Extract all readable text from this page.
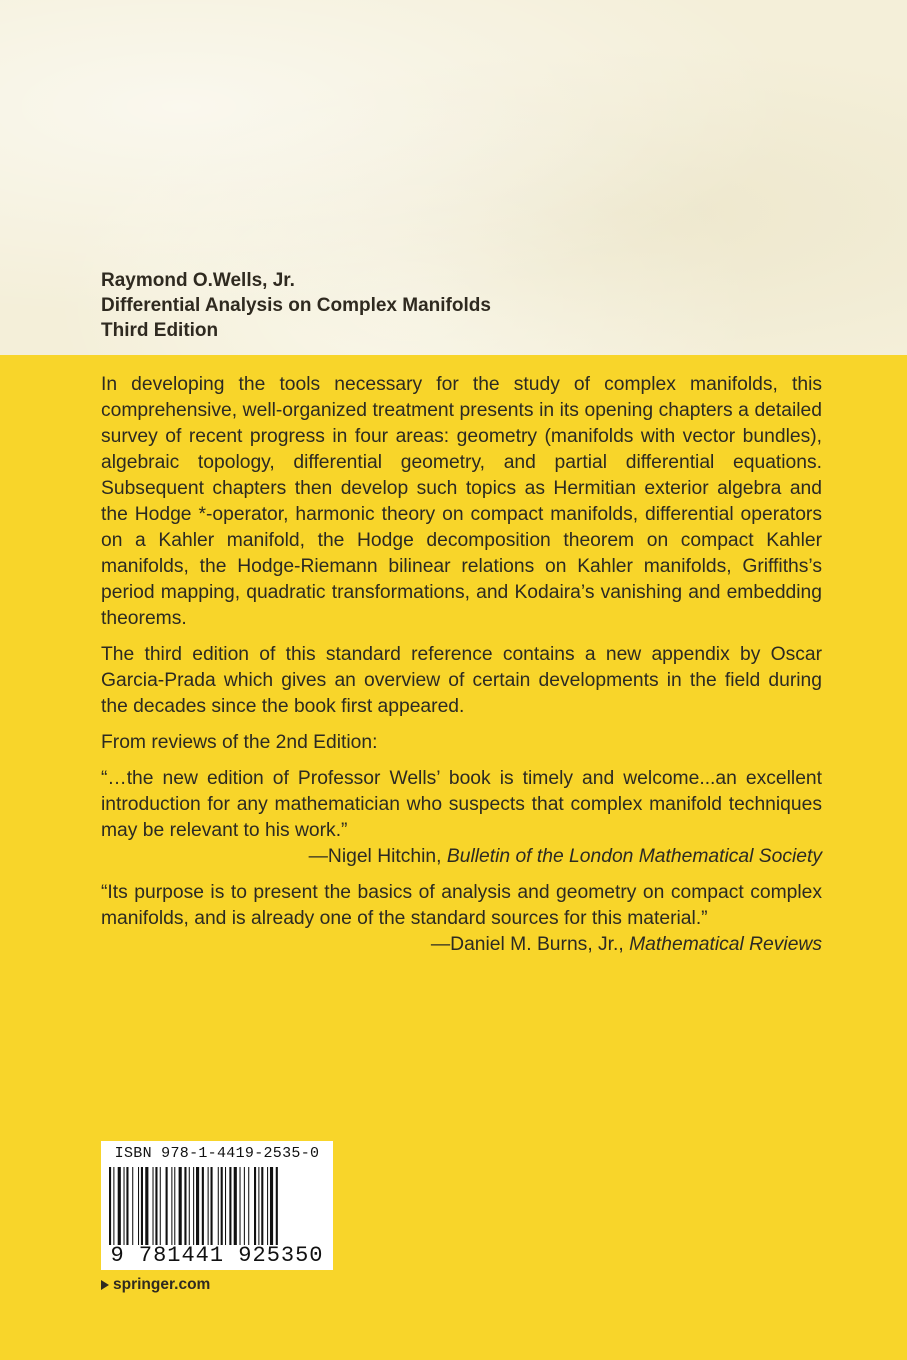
Raymond O.Wells, Jr.
Differential Analysis on Complex Manifolds
Third Edition

In developing the tools necessary for the study of complex manifolds, this comprehensive, well-organized treatment presents in its opening chapters a detailed survey of recent progress in four areas: geometry (manifolds with vector bundles), algebraic topology, differential geometry, and partial differential equations. Subsequent chapters then develop such topics as Hermitian exterior algebra and the Hodge *-operator, harmonic theory on compact manifolds, differential operators on a Kahler manifold, the Hodge decomposition theorem on compact Kahler manifolds, the Hodge-Riemann bilinear relations on Kahler manifolds, Griffiths’s period mapping, quadratic transformations, and Kodaira’s vanishing and embedding theorems.

The third edition of this standard reference contains a new appendix by Oscar Garcia-Prada which gives an overview of certain developments in the field during the decades since the book first appeared.

From reviews of the 2nd Edition:

“…the new edition of Professor Wells’ book is timely and welcome...an excellent introduction for any mathematician who suspects that complex manifold techniques may be relevant to his work.”

—Nigel Hitchin, Bulletin of the London Mathematical Society

“Its purpose is to present the basics of analysis and geometry on compact complex manifolds, and is already one of the standard sources for this material.”

—Daniel M. Burns, Jr., Mathematical Reviews
ISBN 978-1-4419-2535-0
9 781441 925350
springer.com
